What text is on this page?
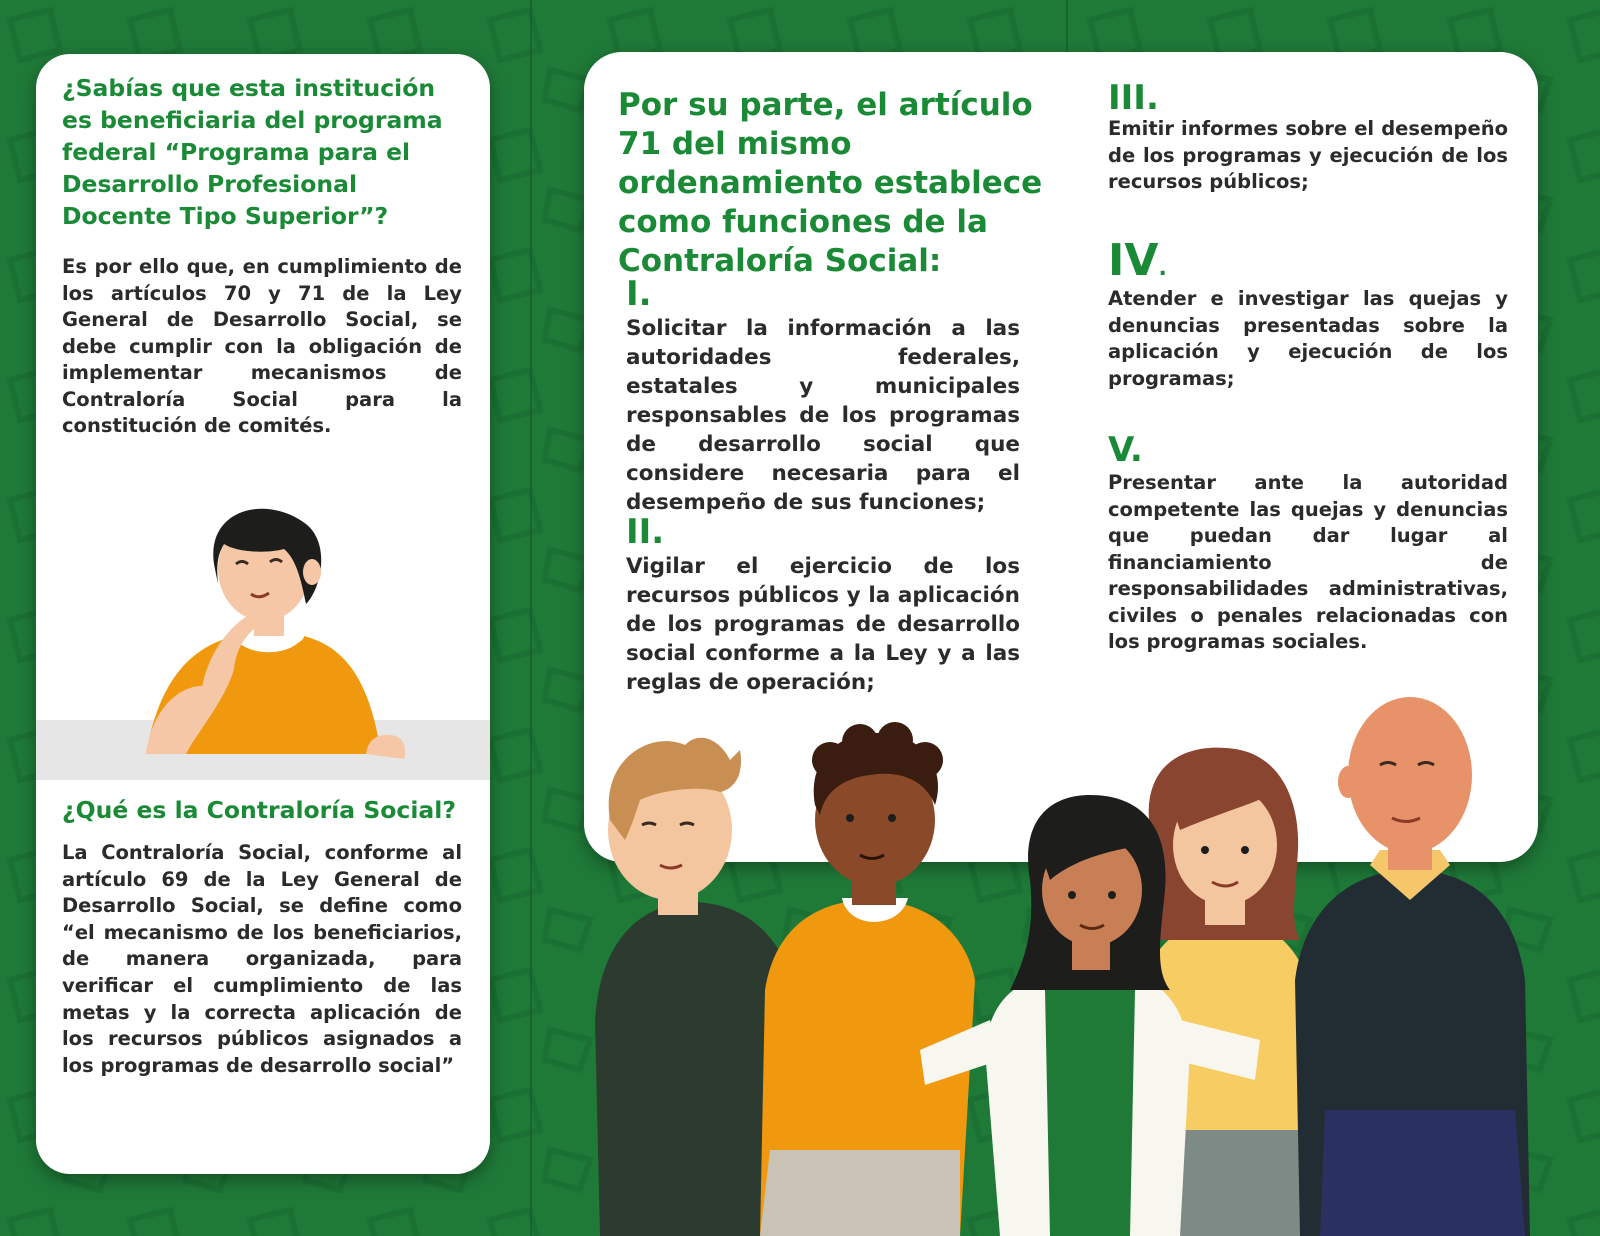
¿Sabías que esta institución es beneficiaria del programa federal “Programa para el Desarrollo Profesional Docente Tipo Superior”?

Es por ello que, en cumplimiento de los artículos 70 y 71 de la Ley General de Desarrollo Social, se debe cumplir con la obligación de implementar mecanismos de Contraloría Social para la constitución de comités.

¿Qué es la Contraloría Social?

La Contraloría Social, conforme al artículo 69 de la Ley General de Desarrollo Social, se define como “el mecanismo de los beneficiarios, de manera organizada, para verificar el cumplimiento de las metas y la correcta aplicación de los recursos públicos asignados a los programas de desarrollo social”

Por su parte, el artículo 71 del mismo ordenamiento establece como funciones de la Contraloría Social:
I.

Solicitar la información a las autoridades federales, estatales y municipales responsables de los programas de desarrollo social que considere necesaria para el desempeño de sus funciones;

II.

Vigilar el ejercicio de los recursos públicos y la aplicación de los programas de desarrollo social conforme a la Ley y a las reglas de operación;

III.

Emitir informes sobre el desempeño de los programas y ejecución de los recursos públicos;

IV.

Atender e investigar las quejas y denuncias presentadas sobre la aplicación y ejecución de los programas;

V.

Presentar ante la autoridad competente las quejas y denuncias que puedan dar lugar al financiamiento de responsabilidades administrativas, civiles o penales relacionadas con los programas sociales.
